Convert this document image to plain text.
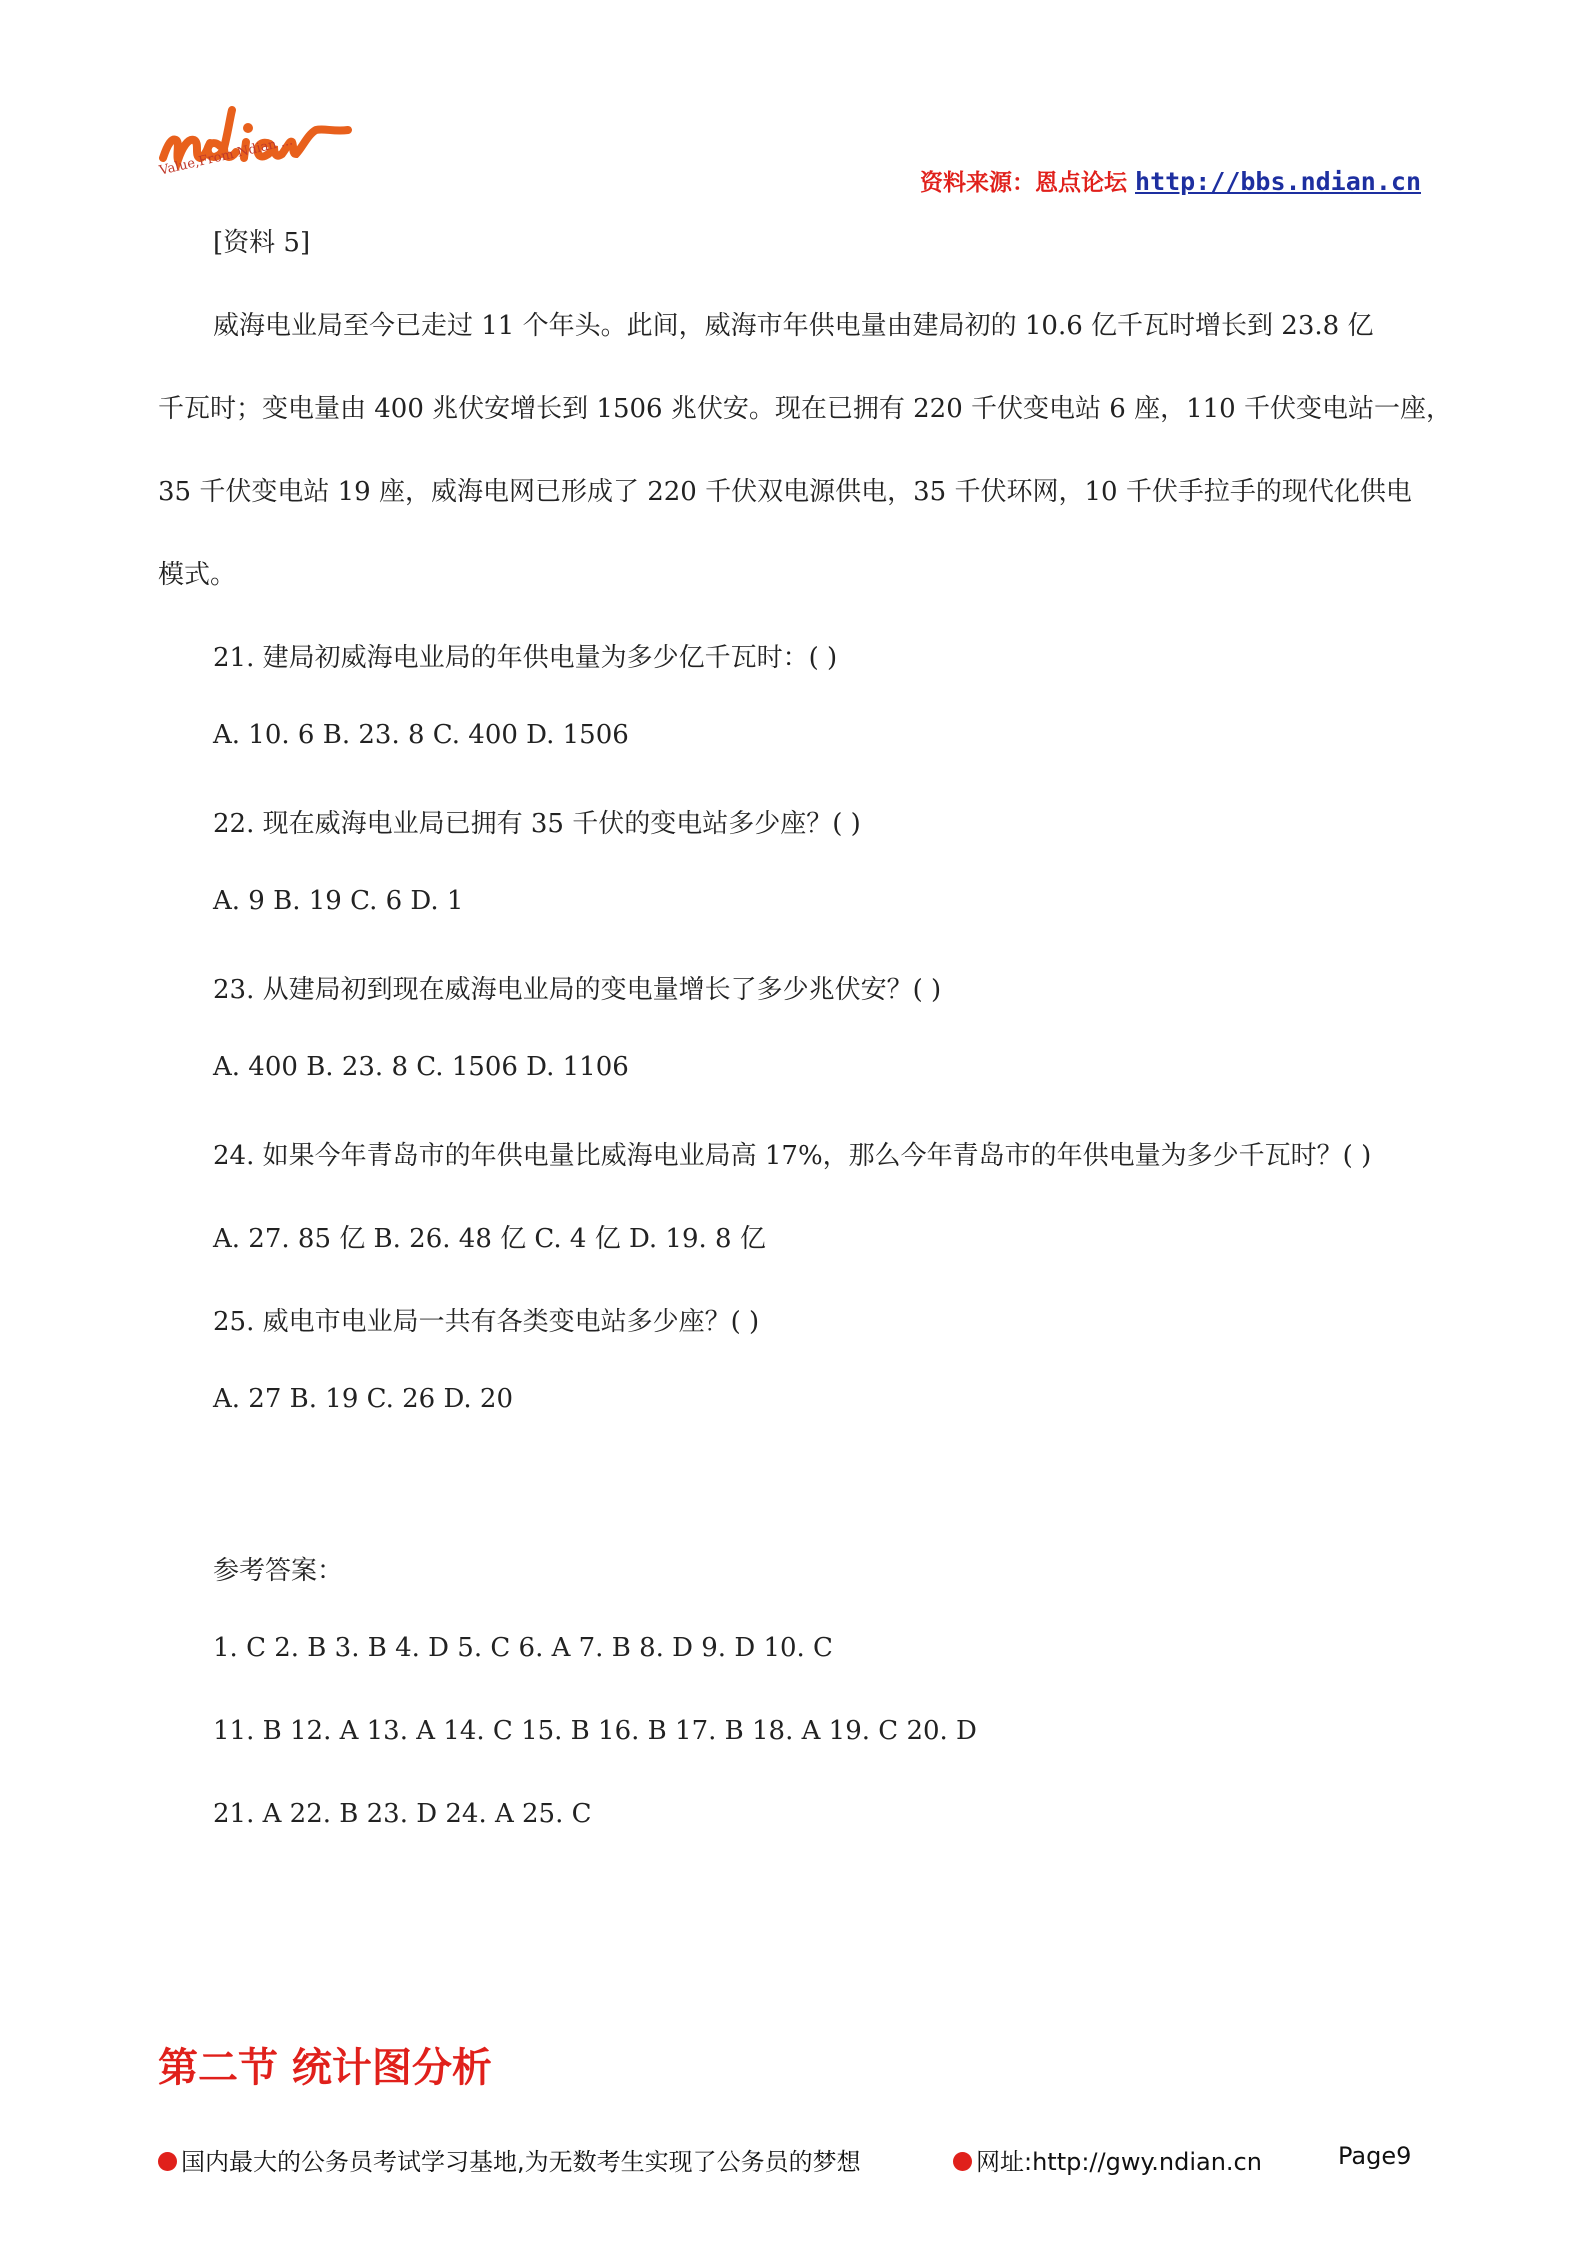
Value,From Ndian ...
资料来源：恩点论坛 http://bbs.ndian.cn
[资料 5]
威海电业局至今已走过 11 个年头。此间，威海市年供电量由建局初的 10.6 亿千瓦时增长到 23.8 亿
千瓦时；变电量由 400 兆伏安增长到 1506 兆伏安。现在已拥有 220 千伏变电站 6 座，110 千伏变电站一座，
35 千伏变电站 19 座，威海电网已形成了 220 千伏双电源供电，35 千伏环网，10 千伏手拉手的现代化供电
模式。
21. 建局初威海电业局的年供电量为多少亿千瓦时：( )
A. 10. 6 B. 23. 8 C. 400 D. 1506
22. 现在威海电业局已拥有 35 千伏的变电站多少座？( )
A. 9 B. 19 C. 6 D. 1
23. 从建局初到现在威海电业局的变电量增长了多少兆伏安？( )
A. 400 B. 23. 8 C. 1506 D. 1106
24. 如果今年青岛市的年供电量比威海电业局高 17%，那么今年青岛市的年供电量为多少千瓦时？( )
A. 27. 85 亿 B. 26. 48 亿 C. 4 亿 D. 19. 8 亿
25. 威电市电业局一共有各类变电站多少座？( )
A. 27 B. 19 C. 26 D. 20
参考答案：
1. C 2. B 3. B 4. D 5. C 6. A 7. B 8. D 9. D 10. C
11. B 12. A 13. A 14. C 15. B 16. B 17. B 18. A 19. C 20. D
21. A 22. B 23. D 24. A 25. C
第二节 统计图分析
国内最大的公务员考试学习基地,为无数考生实现了公务员的梦想	网址:http://gwy.ndian.cn	Page9
